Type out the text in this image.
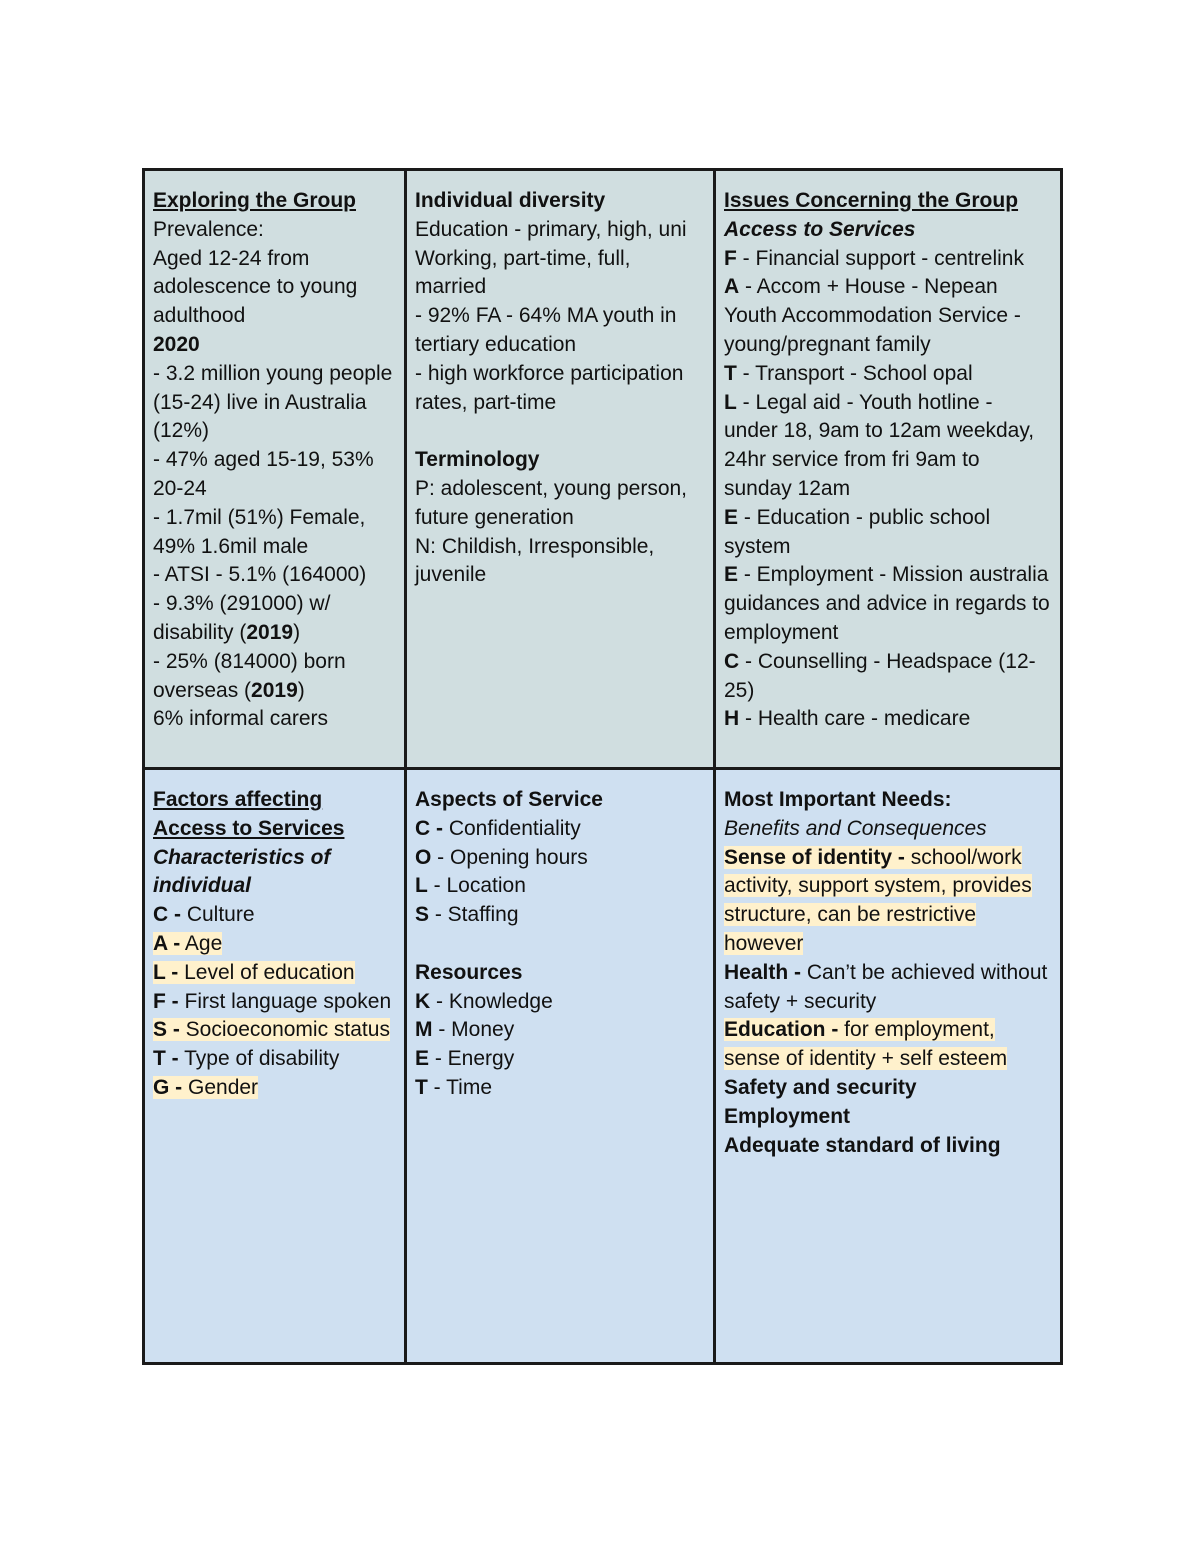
Exploring the Group
Prevalence:
Aged 12-24 from adolescence to young adulthood
2020
- 3.2 million young people (15-24) live in Australia (12%)
- 47% aged 15-19, 53% 20-24
- 1.7mil (51%) Female, 49% 1.6mil male
- ATSI - 5.1% (164000)
- 9.3% (291000) w/ disability (2019)
- 25% (814000) born overseas (2019)
6% informal carers
Individual diversity
Education - primary, high, uni
Working, part-time, full, married
- 92% FA - 64% MA youth in tertiary education
- high workforce participation rates, part-time
Terminology
P: adolescent, young person, future generation
N: Childish, Irresponsible, juvenile
Issues Concerning the Group
Access to Services
F - Financial support - centrelink
A - Accom + House - Nepean Youth Accommodation Service - young/pregnant family
T - Transport - School opal
L - Legal aid - Youth hotline - under 18, 9am to 12am weekday, 24hr service from fri 9am to sunday 12am
E - Education - public school system
E - Employment - Mission australia guidances and advice in regards to employment
C - Counselling - Headspace (12-25)
H - Health care - medicare
Factors affecting Access to Services
Characteristics of individual
C - Culture
A - Age
L - Level of education
F - First language spoken
S - Socioeconomic status
T - Type of disability
G - Gender
Aspects of Service
C - Confidentiality
O - Opening hours
L - Location
S - Staffing
Resources
K - Knowledge
M - Money
E - Energy
T - Time
Most Important Needs:
Benefits and Consequences
Sense of identity - school/work activity, support system, provides structure, can be restrictive however
Health - Can’t be achieved without safety + security
Education - for employment, sense of identity + self esteem
Safety and security
Employment
Adequate standard of living
